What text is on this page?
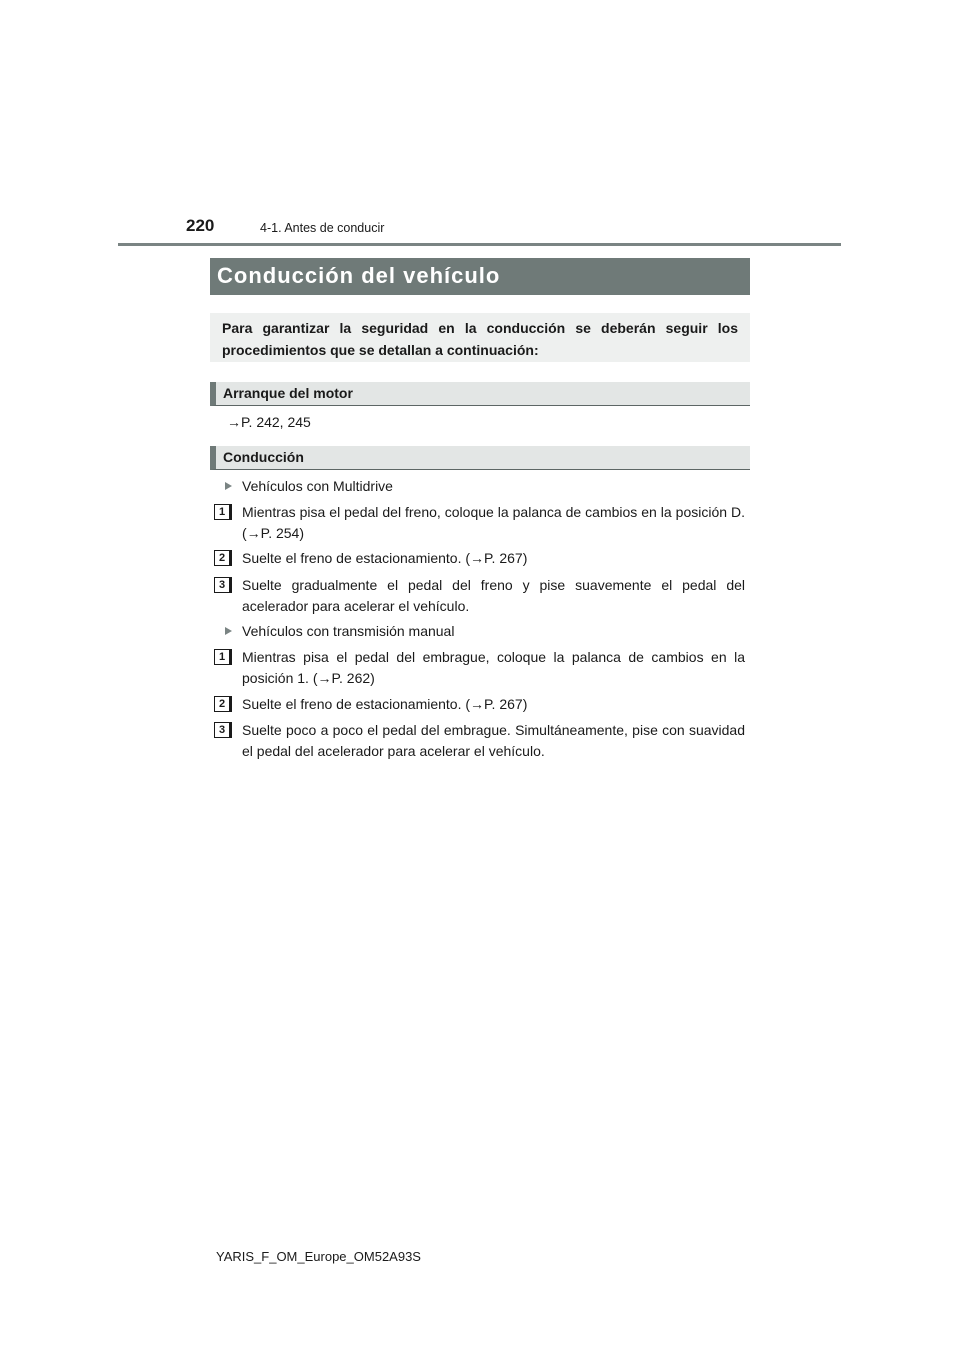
220	4-1. Antes de conducir
Conducción del vehículo
Para garantizar la seguridad en la conducción se deberán seguir los procedimientos que se detallan a continuación:
Arranque del motor
→P. 242, 245
Conducción
Vehículos con Multidrive
1	Mientras pisa el pedal del freno, coloque la palanca de cambios en la posición D. (→P. 254)
2	Suelte el freno de estacionamiento. (→P. 267)
3	Suelte gradualmente el pedal del freno y pise suavemente el pedal del acelerador para acelerar el vehículo.
Vehículos con transmisión manual
1	Mientras pisa el pedal del embrague, coloque la palanca de cambios en la posición 1. (→P. 262)
2	Suelte el freno de estacionamiento. (→P. 267)
3	Suelte poco a poco el pedal del embrague. Simultáneamente, pise con suavidad el pedal del acelerador para acelerar el vehículo.
YARIS_F_OM_Europe_OM52A93S
